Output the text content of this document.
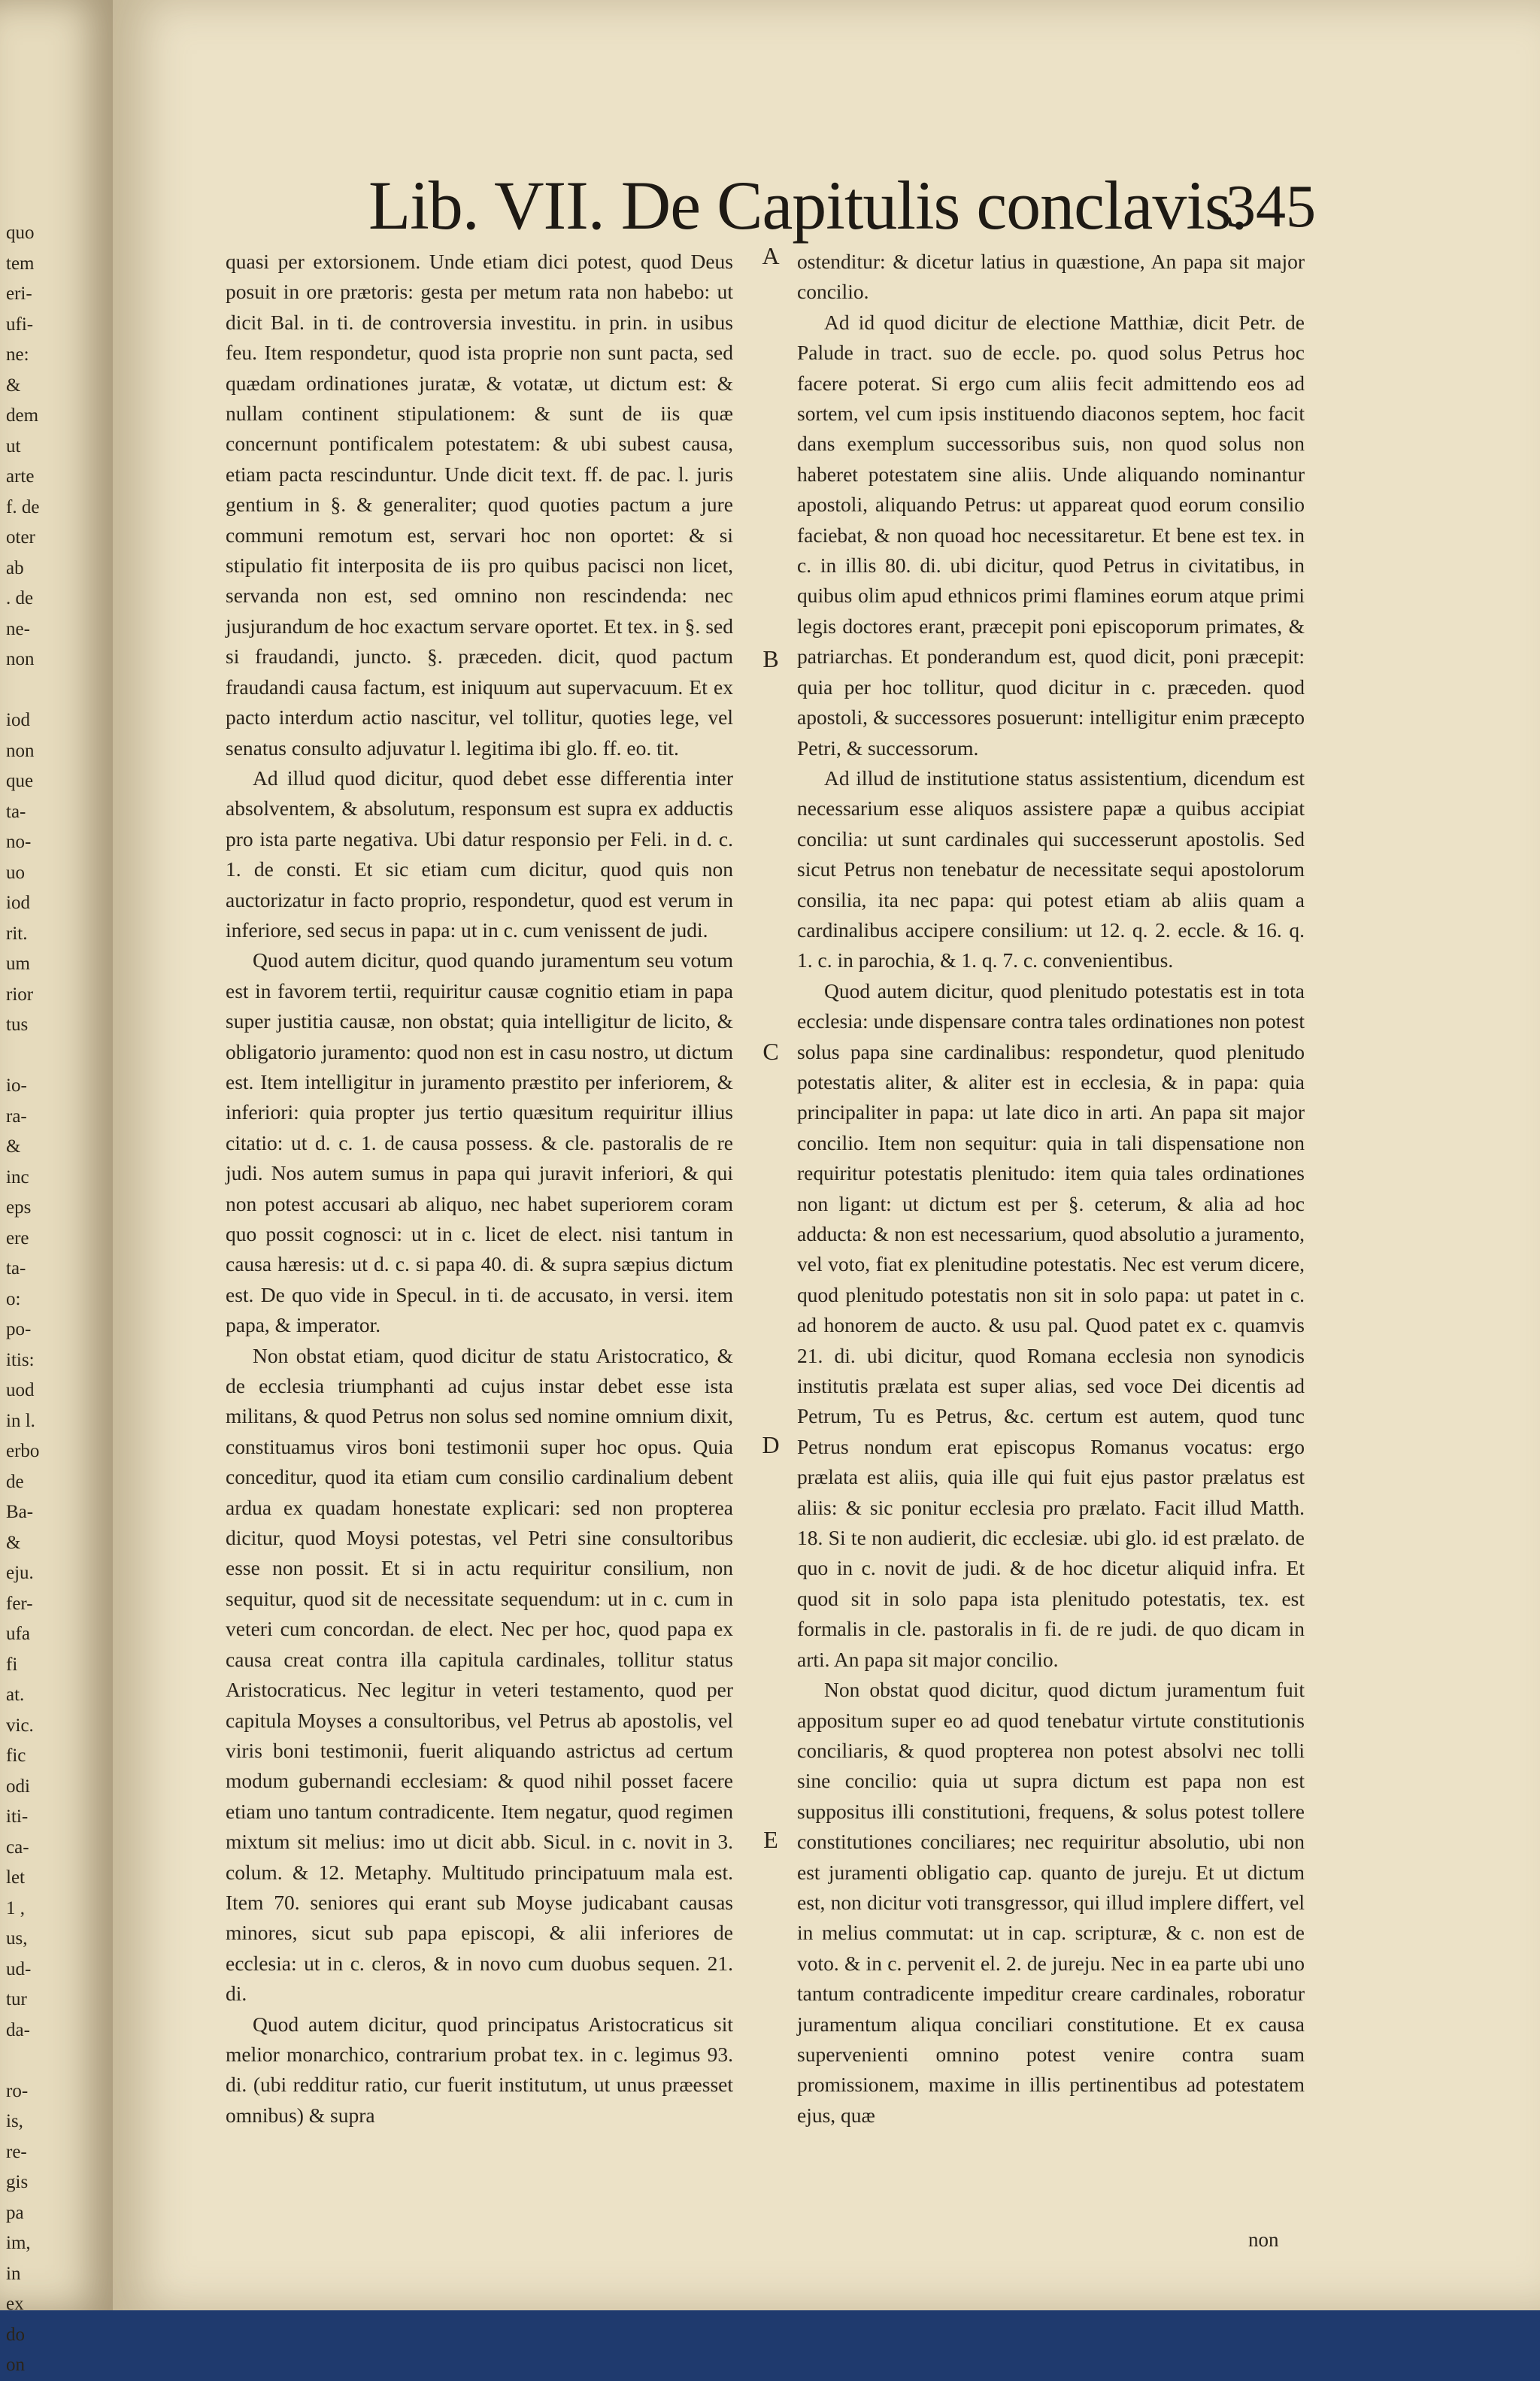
quo
tem
eri-
ufi-
ne:
&
dem
ut
arte
f. de
oter
ab
. de
ne-
non

iod
non
que
ta-
no-
uo
iod
rit.
um
rior
tus

io-
ra-
&
inc
eps
ere
ta-
o:
po-
itis:
uod
in l.
erbo
de
Ba-
&
eju.
fer-
ufa
fi
at.
vic.
fic
odi
iti-
ca-
let
1 ,
us,
ud-
tur
da-

ro-
is,
re-
gis
pa
im,
in
ex
do
on
Lib. VII. De Capitulis conclavis.
345

quasi per extorsionem. Unde etiam dici potest, quod Deus posuit in ore prætoris: gesta per metum rata non habebo: ut dicit Bal. in ti. de controversia investitu. in prin. in usibus feu. Item respondetur, quod ista proprie non sunt pacta, sed quædam ordinationes juratæ, & votatæ, ut dictum est: & nullam continent stipulationem: & sunt de iis quæ concernunt pontificalem potestatem: & ubi subest causa, etiam pacta rescinduntur. Unde dicit text. ff. de pac. l. juris gentium in §. & generaliter; quod quoties pactum a jure communi remotum est, servari hoc non oportet: & si stipulatio fit interposita de iis pro quibus pacisci non licet, servanda non est, sed omnino non rescindenda: nec jusjurandum de hoc exactum servare oportet. Et tex. in §. sed si fraudandi, juncto. §. præceden. dicit, quod pactum fraudandi causa factum, est iniquum aut supervacuum. Et ex pacto interdum actio nascitur, vel tollitur, quoties lege, vel senatus consulto adjuvatur l. legitima ibi glo. ff. eo. tit.

Ad illud quod dicitur, quod debet esse differentia inter absolventem, & absolutum, responsum est supra ex adductis pro ista parte negativa. Ubi datur responsio per Feli. in d. c. 1. de consti. Et sic etiam cum dicitur, quod quis non auctorizatur in facto proprio, respondetur, quod est verum in inferiore, sed secus in papa: ut in c. cum venissent de judi.

Quod autem dicitur, quod quando juramentum seu votum est in favorem tertii, requiritur causæ cognitio etiam in papa super justitia causæ, non obstat; quia intelligitur de licito, & obligatorio juramento: quod non est in casu nostro, ut dictum est. Item intelligitur in juramento præstito per inferiorem, & inferiori: quia propter jus tertio quæsitum requiritur illius citatio: ut d. c. 1. de causa possess. & cle. pastoralis de re judi. Nos autem sumus in papa qui juravit inferiori, & qui non potest accusari ab aliquo, nec habet superiorem coram quo possit cognosci: ut in c. licet de elect. nisi tantum in causa hæresis: ut d. c. si papa 40. di. & supra sæpius dictum est. De quo vide in Specul. in ti. de accusato, in versi. item papa, & imperator.

Non obstat etiam, quod dicitur de statu Aristocratico, & de ecclesia triumphanti ad cujus instar debet esse ista militans, & quod Petrus non solus sed nomine omnium dixit, constituamus viros boni testimonii super hoc opus. Quia conceditur, quod ita etiam cum consilio cardinalium debent ardua ex quadam honestate explicari: sed non propterea dicitur, quod Moysi potestas, vel Petri sine consultoribus esse non possit. Et si in actu requiritur consilium, non sequitur, quod sit de necessitate sequendum: ut in c. cum in veteri cum concordan. de elect. Nec per hoc, quod papa ex causa creat contra illa capitula cardinales, tollitur status Aristocraticus. Nec legitur in veteri testamento, quod per capitula Moyses a consultoribus, vel Petrus ab apostolis, vel viris boni testimonii, fuerit aliquando astrictus ad certum modum gubernandi ecclesiam: & quod nihil posset facere etiam uno tantum contradicente. Item negatur, quod regimen mixtum sit melius: imo ut dicit abb. Sicul. in c. novit in 3. colum. & 12. Metaphy. Multitudo principatuum mala est. Item 70. seniores qui erant sub Moyse judicabant causas minores, sicut sub papa episcopi, & alii inferiores de ecclesia: ut in c. cleros, & in novo cum duobus sequen. 21. di.

Quod autem dicitur, quod principatus Aristocraticus sit melior monarchico, contrarium probat tex. in c. legimus 93. di. (ubi redditur ratio, cur fuerit institutum, ut unus præesset omnibus) & supra

A
B
C
D
E

ostenditur: & dicetur latius in quæstione, An papa sit major concilio.

Ad id quod dicitur de electione Matthiæ, dicit Petr. de Palude in tract. suo de eccle. po. quod solus Petrus hoc facere poterat. Si ergo cum aliis fecit admittendo eos ad sortem, vel cum ipsis instituendo diaconos septem, hoc facit dans exemplum successoribus suis, non quod solus non haberet potestatem sine aliis. Unde aliquando nominantur apostoli, aliquando Petrus: ut appareat quod eorum consilio faciebat, & non quoad hoc necessitaretur. Et bene est tex. in c. in illis 80. di. ubi dicitur, quod Petrus in civitatibus, in quibus olim apud ethnicos primi flamines eorum atque primi legis doctores erant, præcepit poni episcoporum primates, & patriarchas. Et ponderandum est, quod dicit, poni præcepit: quia per hoc tollitur, quod dicitur in c. præceden. quod apostoli, & successores posuerunt: intelligitur enim præcepto Petri, & successorum.

Ad illud de institutione status assistentium, dicendum est necessarium esse aliquos assistere papæ a quibus accipiat concilia: ut sunt cardinales qui successerunt apostolis. Sed sicut Petrus non tenebatur de necessitate sequi apostolorum consilia, ita nec papa: qui potest etiam ab aliis quam a cardinalibus accipere consilium: ut 12. q. 2. eccle. & 16. q. 1. c. in parochia, & 1. q. 7. c. convenientibus.

Quod autem dicitur, quod plenitudo potestatis est in tota ecclesia: unde dispensare contra tales ordinationes non potest solus papa sine cardinalibus: respondetur, quod plenitudo potestatis aliter, & aliter est in ecclesia, & in papa: quia principaliter in papa: ut late dico in arti. An papa sit major concilio. Item non sequitur: quia in tali dispensatione non requiritur potestatis plenitudo: item quia tales ordinationes non ligant: ut dictum est per §. ceterum, & alia ad hoc adducta: & non est necessarium, quod absolutio a juramento, vel voto, fiat ex plenitudine potestatis. Nec est verum dicere, quod plenitudo potestatis non sit in solo papa: ut patet in c. ad honorem de aucto. & usu pal. Quod patet ex c. quamvis 21. di. ubi dicitur, quod Romana ecclesia non synodicis institutis prælata est super alias, sed voce Dei dicentis ad Petrum, Tu es Petrus, &c. certum est autem, quod tunc Petrus nondum erat episcopus Romanus vocatus: ergo prælata est aliis, quia ille qui fuit ejus pastor prælatus est aliis: & sic ponitur ecclesia pro prælato. Facit illud Matth. 18. Si te non audierit, dic ecclesiæ. ubi glo. id est prælato. de quo in c. novit de judi. & de hoc dicetur aliquid infra. Et quod sit in solo papa ista plenitudo potestatis, tex. est formalis in cle. pastoralis in fi. de re judi. de quo dicam in arti. An papa sit major concilio.

Non obstat quod dicitur, quod dictum juramentum fuit appositum super eo ad quod tenebatur virtute constitutionis conciliaris, & quod propterea non potest absolvi nec tolli sine concilio: quia ut supra dictum est papa non est suppositus illi constitutioni, frequens, & solus potest tollere constitutiones conciliares; nec requiritur absolutio, ubi non est juramenti obligatio cap. quanto de jureju. Et ut dictum est, non dicitur voti transgressor, qui illud implere differt, vel in melius commutat: ut in cap. scripturæ, & c. non est de voto. & in c. pervenit el. 2. de jureju. Nec in ea parte ubi uno tantum contradicente impeditur creare cardinales, roboratur juramentum aliqua conciliari constitutione. Et ex causa supervenienti omnino potest venire contra suam promissionem, maxime in illis pertinentibus ad potestatem ejus, quæ

non
